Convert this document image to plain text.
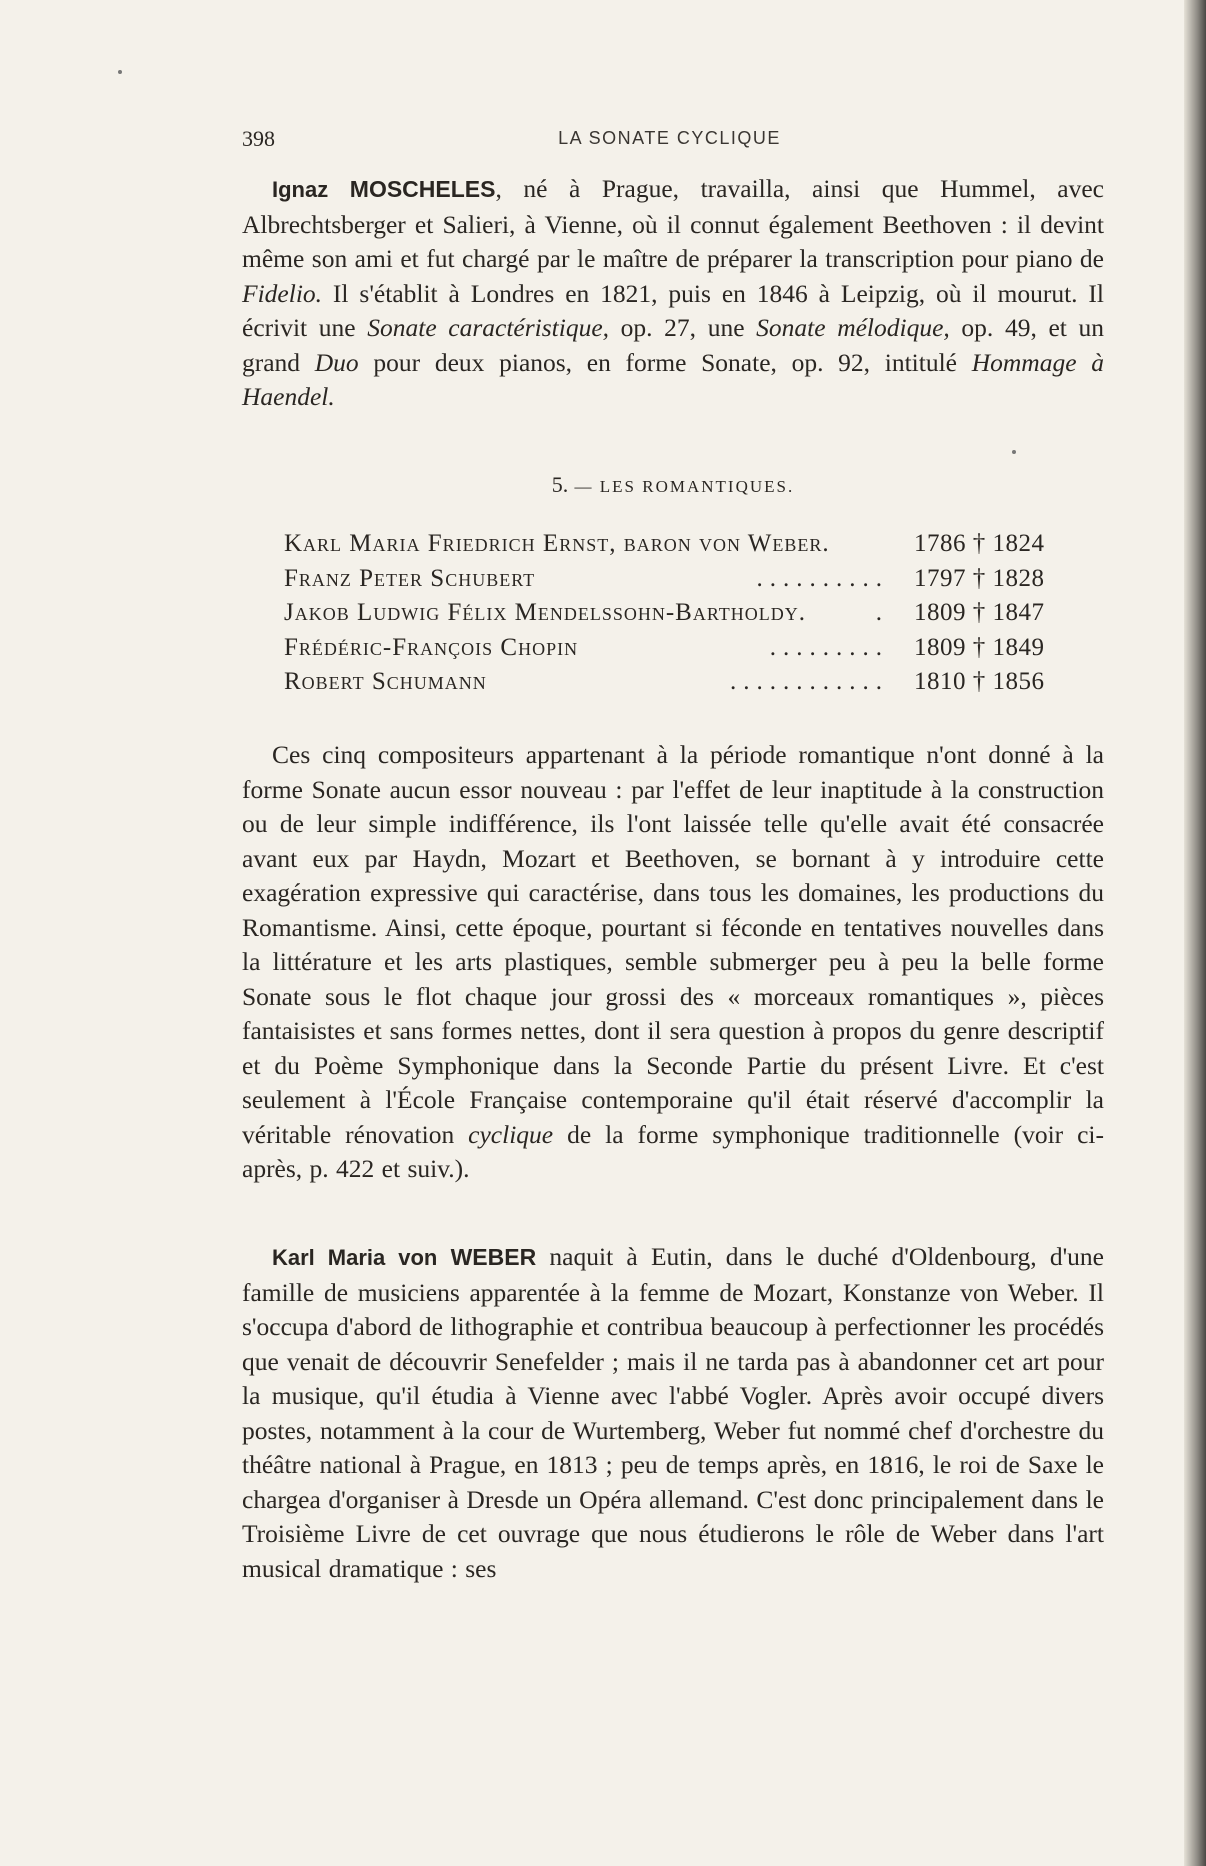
398	LA SONATE CYCLIQUE

Ignaz MOSCHELES, né à Prague, travailla, ainsi que Hummel, avec Albrechtsberger et Salieri, à Vienne, où il connut également Beethoven : il devint même son ami et fut chargé par le maître de préparer la transcription pour piano de Fidelio. Il s'établit à Londres en 1821, puis en 1846 à Leipzig, où il mourut. Il écrivit une Sonate caractéristique, op. 27, une Sonate mélodique, op. 49, et un grand Duo pour deux pianos, en forme Sonate, op. 92, intitulé Hommage à Haendel.

5. — LES ROMANTIQUES.
Karl Maria Friedrich Ernst, baron von Weber.	1786 † 1824
..........
Franz Peter Schubert	1797 † 1828
.
Jakob Ludwig Félix Mendelssohn-Bartholdy.	1809 † 1847
.........
Frédéric-François Chopin	1809 † 1849
............
Robert Schumann	1810 † 1856

Ces cinq compositeurs appartenant à la période romantique n'ont donné à la forme Sonate aucun essor nouveau : par l'effet de leur inaptitude à la construction ou de leur simple indifférence, ils l'ont laissée telle qu'elle avait été consacrée avant eux par Haydn, Mozart et Beethoven, se bornant à y introduire cette exagération expressive qui caractérise, dans tous les domaines, les productions du Romantisme. Ainsi, cette époque, pourtant si féconde en tentatives nouvelles dans la littérature et les arts plastiques, semble submerger peu à peu la belle forme Sonate sous le flot chaque jour grossi des « morceaux romantiques », pièces fantaisistes et sans formes nettes, dont il sera question à propos du genre descriptif et du Poème Symphonique dans la Seconde Partie du présent Livre. Et c'est seulement à l'École Française contemporaine qu'il était réservé d'accomplir la véritable rénovation cyclique de la forme symphonique traditionnelle (voir ci-après, p. 422 et suiv.).

Karl Maria von WEBER naquit à Eutin, dans le duché d'Oldenbourg, d'une famille de musiciens apparentée à la femme de Mozart, Konstanze von Weber. Il s'occupa d'abord de lithographie et contribua beaucoup à perfectionner les procédés que venait de découvrir Senefelder ; mais il ne tarda pas à abandonner cet art pour la musique, qu'il étudia à Vienne avec l'abbé Vogler. Après avoir occupé divers postes, notamment à la cour de Wurtemberg, Weber fut nommé chef d'orchestre du théâtre national à Prague, en 1813 ; peu de temps après, en 1816, le roi de Saxe le chargea d'organiser à Dresde un Opéra allemand. C'est donc principalement dans le Troisième Livre de cet ouvrage que nous étudierons le rôle de Weber dans l'art musical dramatique : ses
